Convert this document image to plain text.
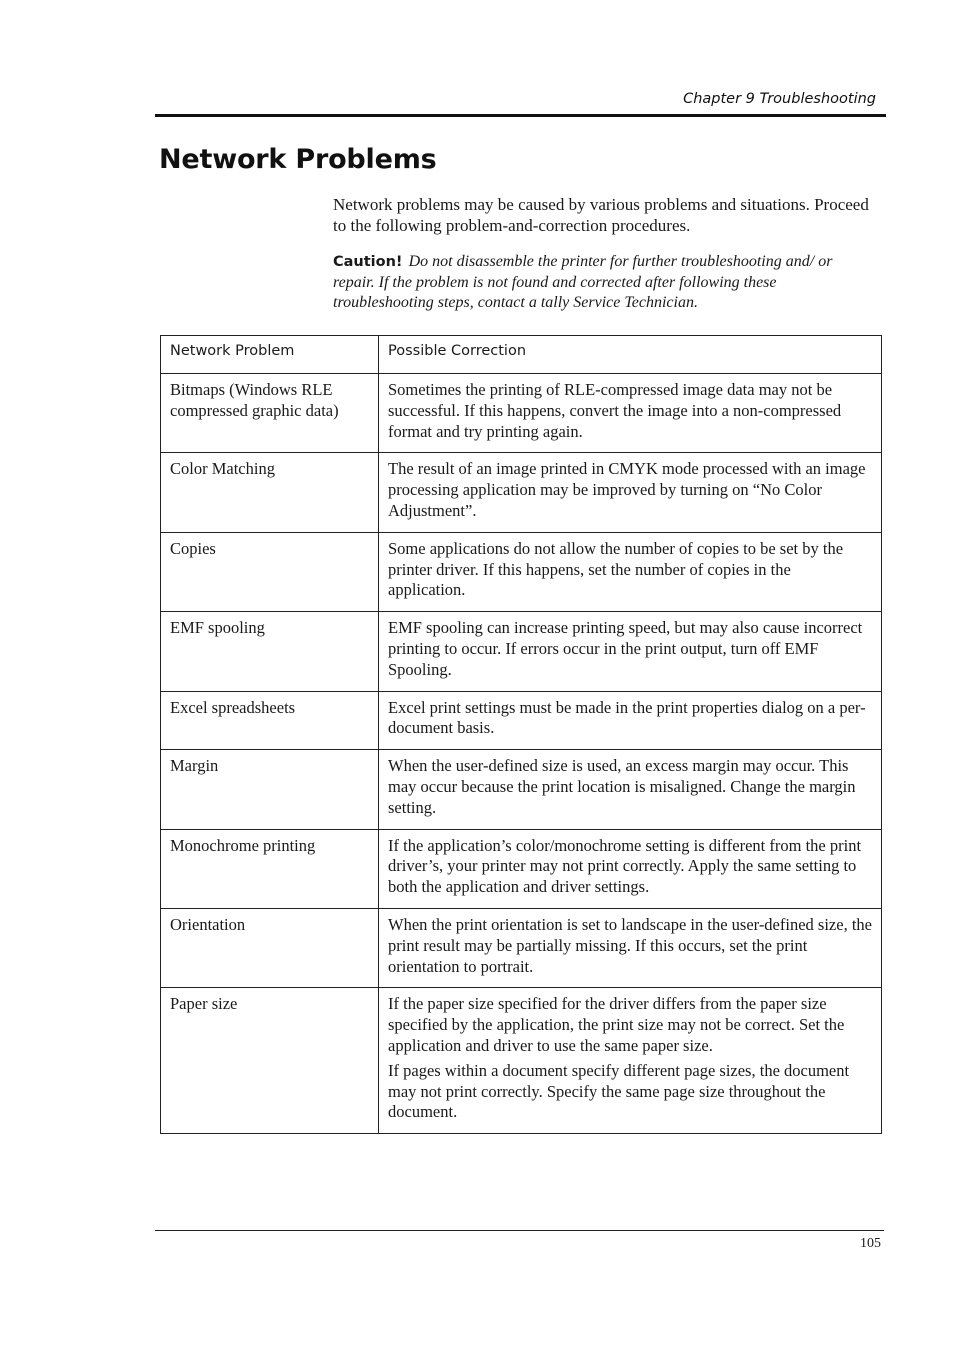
Chapter 9 Troubleshooting
Network Problems

Network problems may be caused by various problems and situations. Proceed to the following problem-and-correction procedures.

Caution! Do not disassemble the printer for further troubleshooting and/ or repair. If the problem is not found and corrected after following these troubleshooting steps, contact a tally Service Technician.

Network Problem	Possible Correction
Bitmaps (Windows RLE compressed graphic data)	Sometimes the printing of RLE-compressed image data may not be successful. If this happens, convert the image into a non-compressed format and try printing again.

Color Matching	The result of an image printed in CMYK mode processed with an image processing application may be improved by turning on “No Color Adjustment”.

Copies	Some applications do not allow the number of copies to be set by the printer driver. If this happens, set the number of copies in the application.

EMF spooling	EMF spooling can increase printing speed, but may also cause incorrect printing to occur. If errors occur in the print output, turn off EMF Spooling.

Excel spreadsheets	Excel print settings must be made in the print properties dialog on a per-document basis.

Margin	When the user-defined size is used, an excess margin may occur. This may occur because the print location is misaligned. Change the margin setting.

Monochrome printing	If the application’s color/monochrome setting is different from the print driver’s, your printer may not print correctly. Apply the same setting to both the application and driver settings.

Orientation	When the print orientation is set to landscape in the user-defined size, the print result may be partially missing. If this occurs, set the print orientation to portrait.

Paper size	If the paper size specified for the driver differs from the paper size specified by the application, the print size may not be correct. Set the application and driver to use the same paper size.

If pages within a document specify different page sizes, the document may not print correctly. Specify the same page size throughout the document.

105
